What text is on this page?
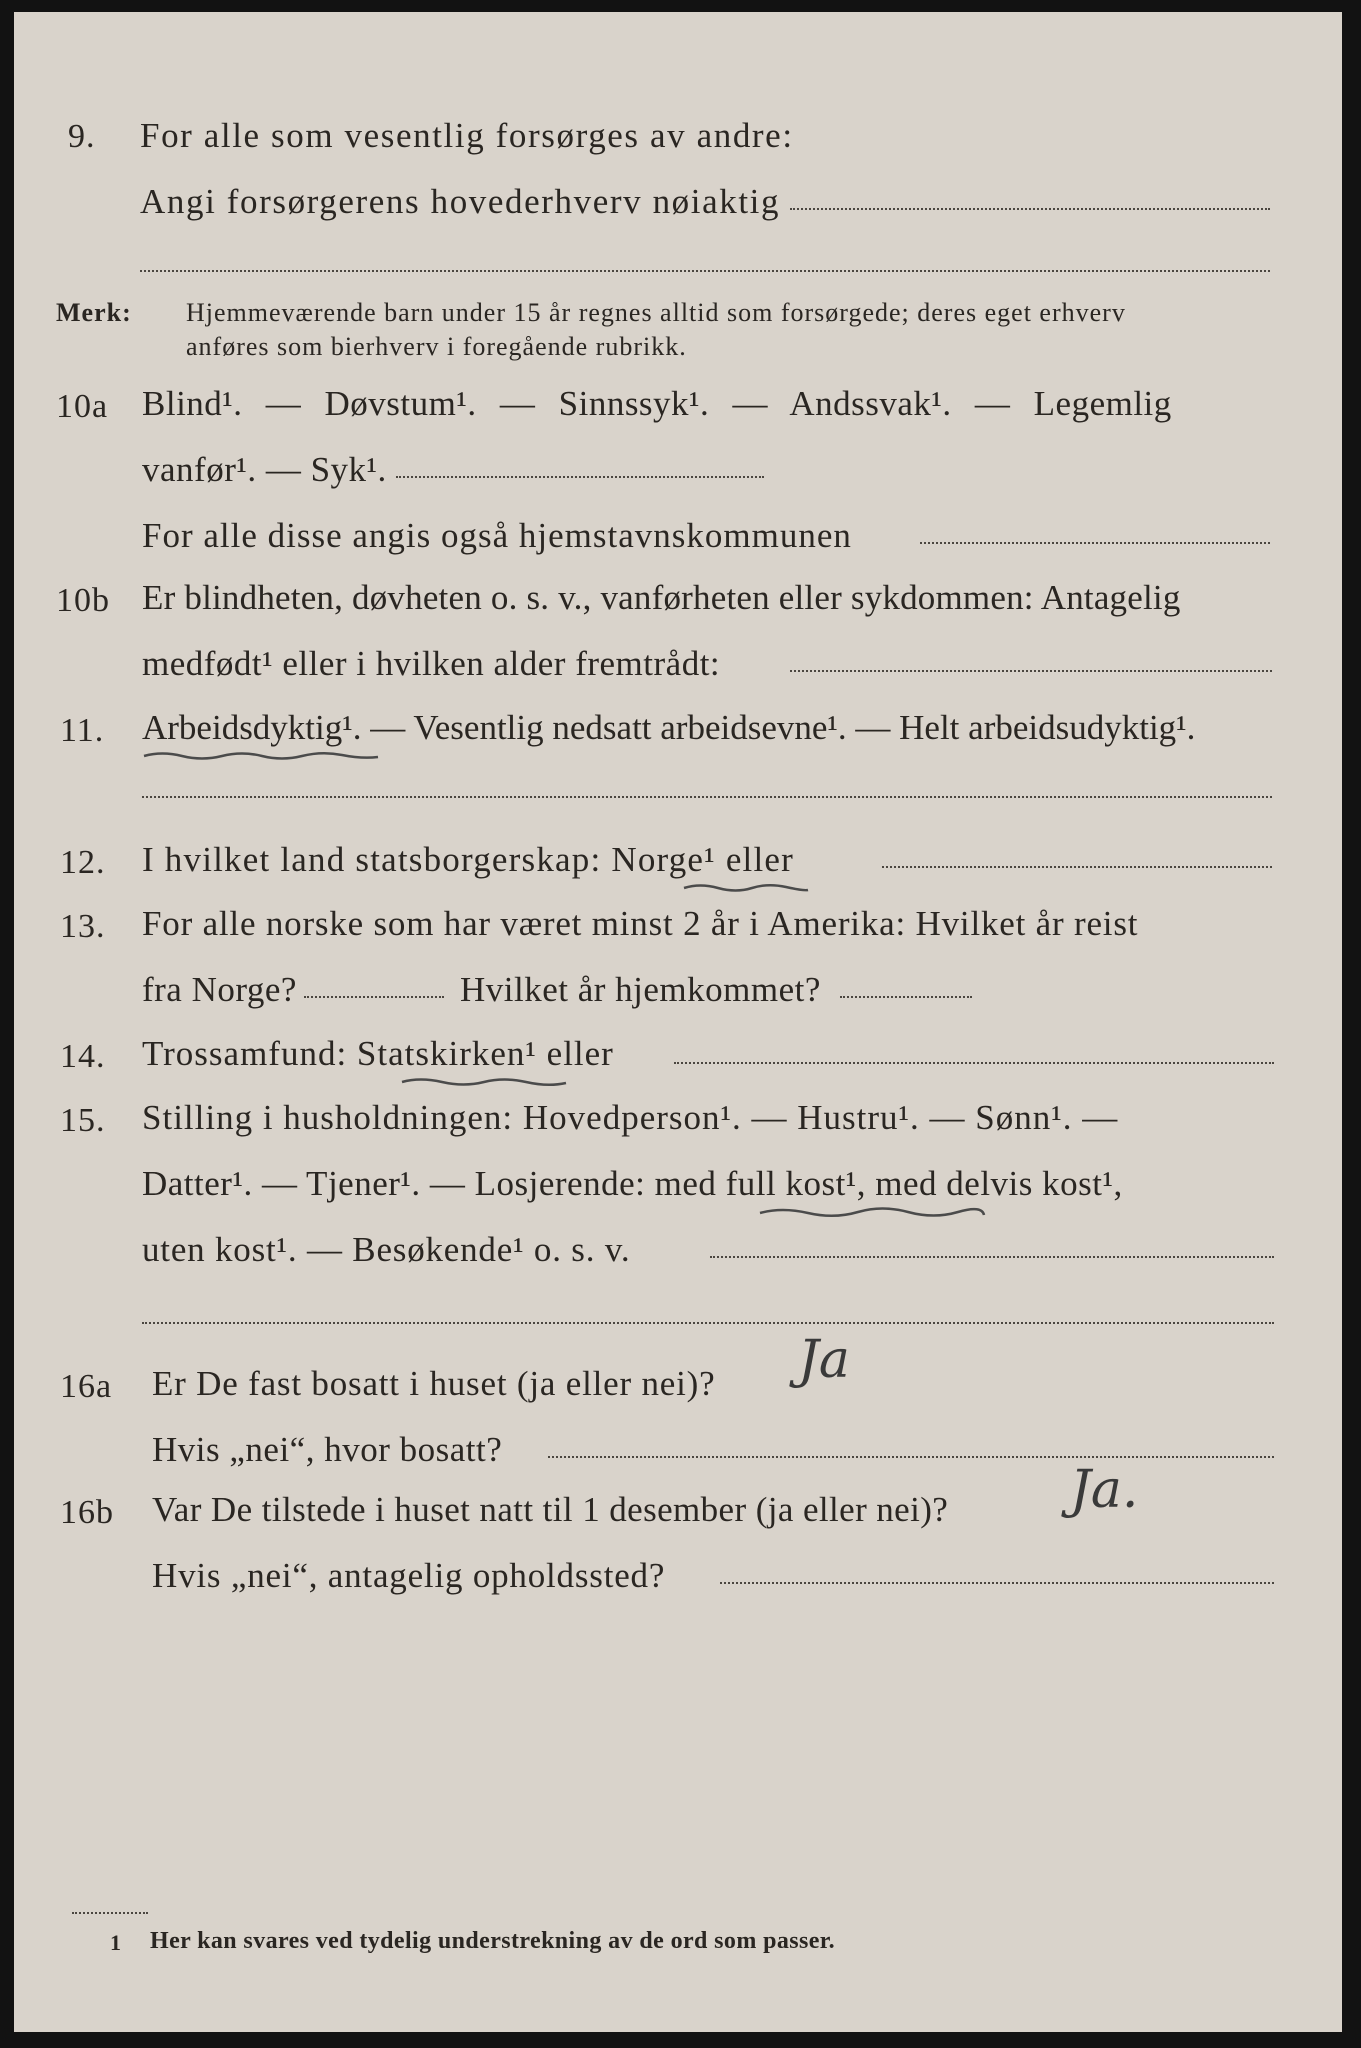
9. For alle som vesentlig forsørges av andre:
Angi forsørgerens hovederhverv nøiaktig
Merk: Hjemmeværende barn under 15 år regnes alltid som forsørgede; deres eget erhverv
anføres som bierhverv i foregående rubrikk.
10a Blind¹. — Døvstum¹. — Sinnssyk¹. — Andssvak¹. — Legemlig
vanfør¹. — Syk¹.
For alle disse angis også hjemstavnskommunen
10b Er blindheten, døvheten o. s. v., vanførheten eller sykdommen: Antagelig
medfødt¹ eller i hvilken alder fremtrådt:
11. Arbeidsdyktig¹. — Vesentlig nedsatt arbeidsevne¹. — Helt arbeidsudyktig¹.
12. I hvilket land statsborgerskap: Norge¹ eller
13. For alle norske som har været minst 2 år i Amerika: Hvilket år reist
fra Norge?	Hvilket år hjemkommet?
14. Trossamfund: Statskirken¹ eller
15. Stilling i husholdningen: Hovedperson¹. — Hustru¹. — Sønn¹. —
Datter¹. — Tjener¹. — Losjerende: med full kost¹, med delvis kost¹,
uten kost¹. — Besøkende¹ o. s. v.
16a Er De fast bosatt i huset (ja eller nei)? Ja
Hvis „nei“, hvor bosatt?
16b Var De tilstede i huset natt til 1 desember (ja eller nei)? Ja.
Hvis „nei“, antagelig opholdssted?
1 Her kan svares ved tydelig understrekning av de ord som passer.
